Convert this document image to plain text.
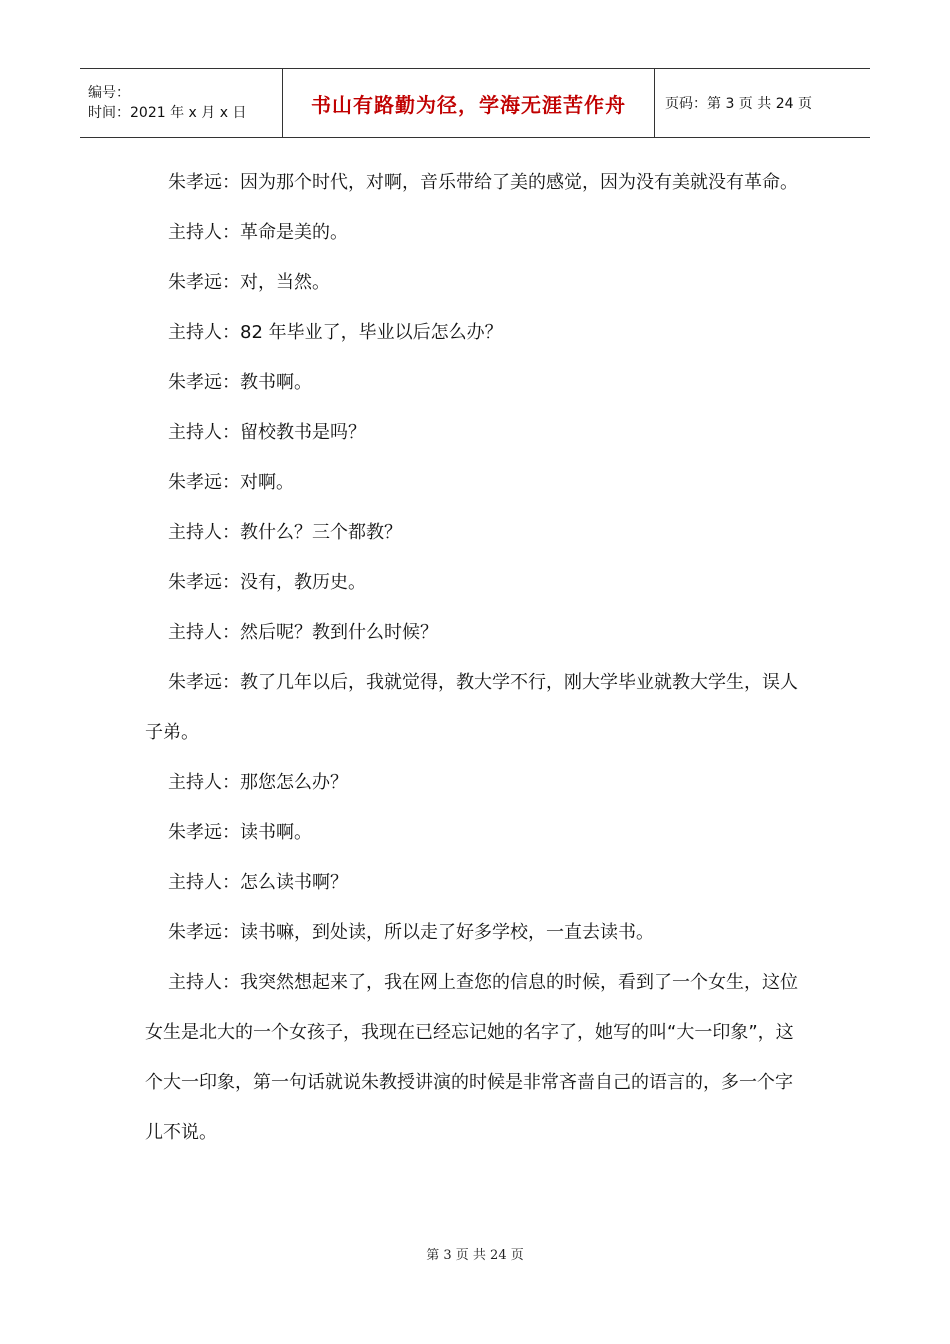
编号：
时间：2021 年 x 月 x 日	书山有路勤为径，学海无涯苦作舟	页码：第 3 页 共 24 页

朱孝远：因为那个时代，对啊，音乐带给了美的感觉，因为没有美就没有革命。

主持人：革命是美的。

朱孝远：对，当然。

主持人：82 年毕业了，毕业以后怎么办？

朱孝远：教书啊。

主持人：留校教书是吗？

朱孝远：对啊。

主持人：教什么？三个都教？

朱孝远：没有，教历史。

主持人：然后呢？教到什么时候？

朱孝远：教了几年以后，我就觉得，教大学不行，刚大学毕业就教大学生，误人 子弟。

主持人：那您怎么办？

朱孝远：读书啊。

主持人：怎么读书啊？

朱孝远：读书嘛，到处读，所以走了好多学校，一直去读书。

主持人：我突然想起来了，我在网上查您的信息的时候，看到了一个女生，这位女生是北大的一个女孩子，我现在已经忘记她的名字了，她写的叫“大一印象”，这个大一印象，第一句话就说朱教授讲演的时候是非常吝啬自己的语言的，多一个字儿不说。

第 3 页 共 24 页
